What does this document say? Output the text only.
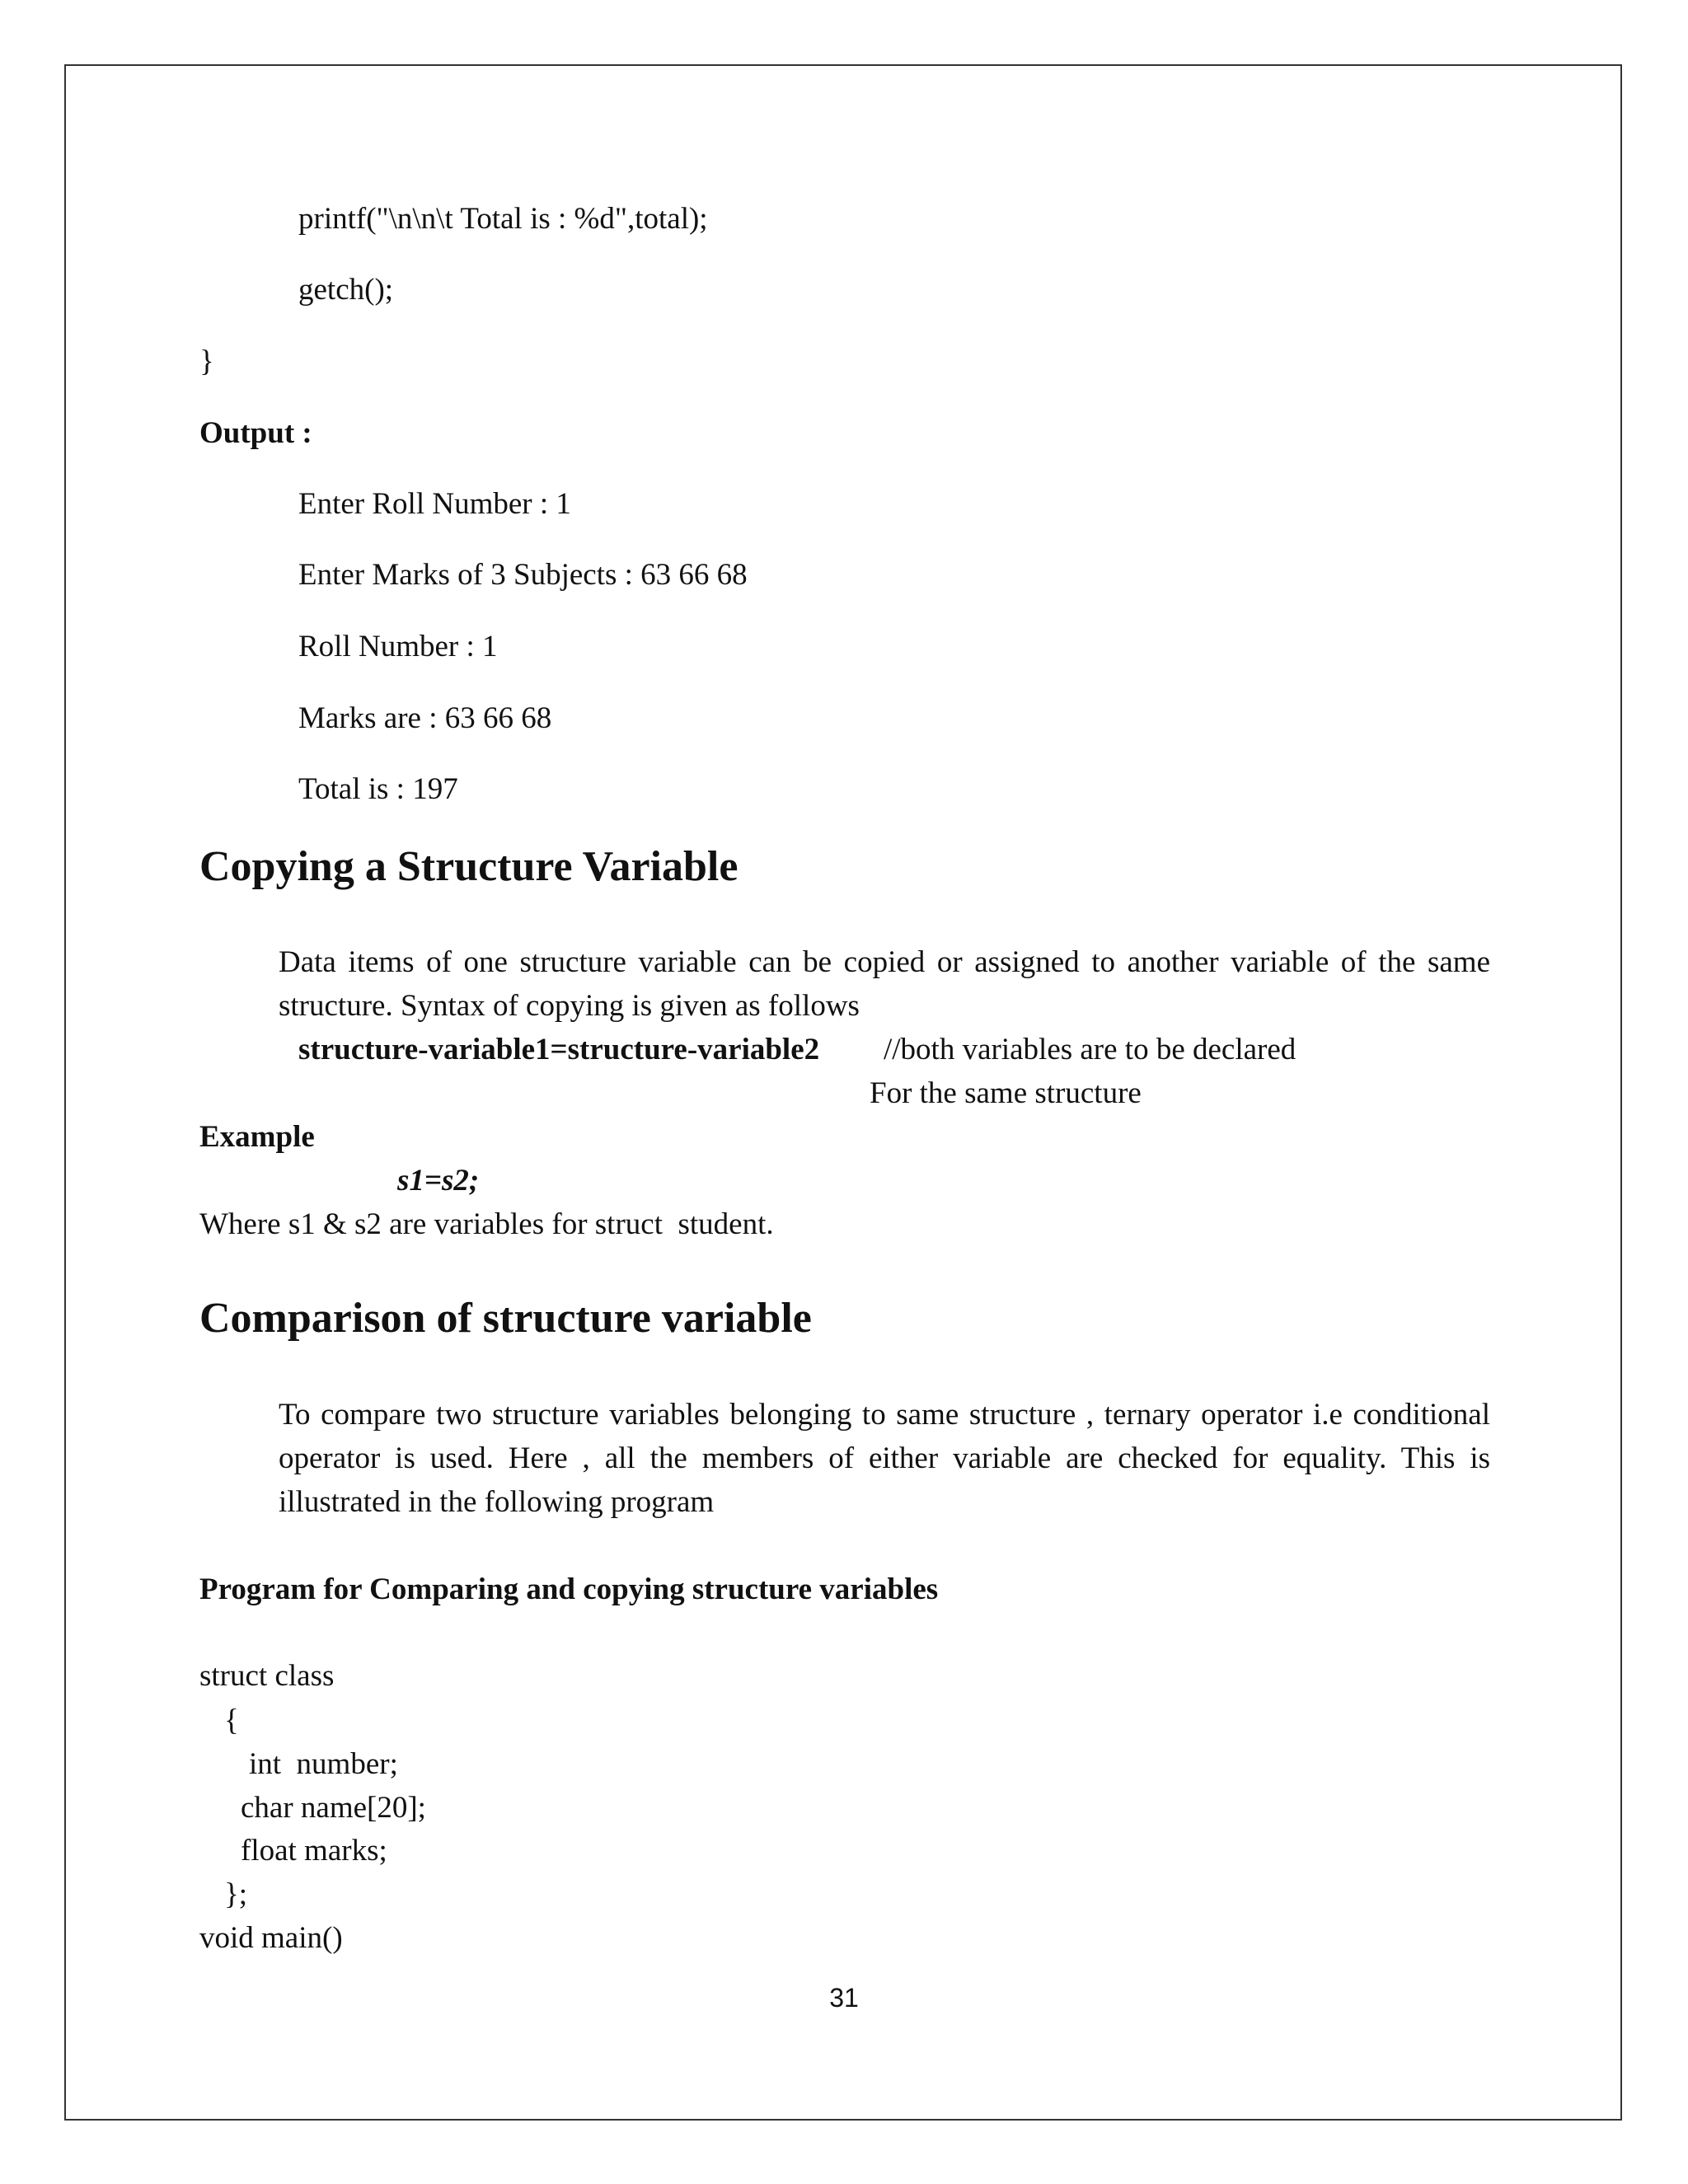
printf("\n\n\t Total is : %d",total);
getch();
}
Output :
Enter Roll Number : 1
Enter Marks of 3 Subjects : 63 66 68
Roll Number : 1
Marks are : 63 66 68
Total is : 197
Copying a Structure Variable
Data items of one structure variable can be copied or assigned to another variable of the same structure. Syntax of copying is given as follows
structure-variable1=structure-variable2 //both variables are to be declared
For the same structure
Example
s1=s2;
Where s1 & s2 are variables for struct  student.
Comparison of structure variable
To compare two structure variables belonging to same structure , ternary operator i.e conditional operator is used. Here , all the members of either variable are checked for equality. This is illustrated in the following program
Program for Comparing and copying structure variables
struct class
{
int  number;
char name[20];
float marks;
};
void main()
31
